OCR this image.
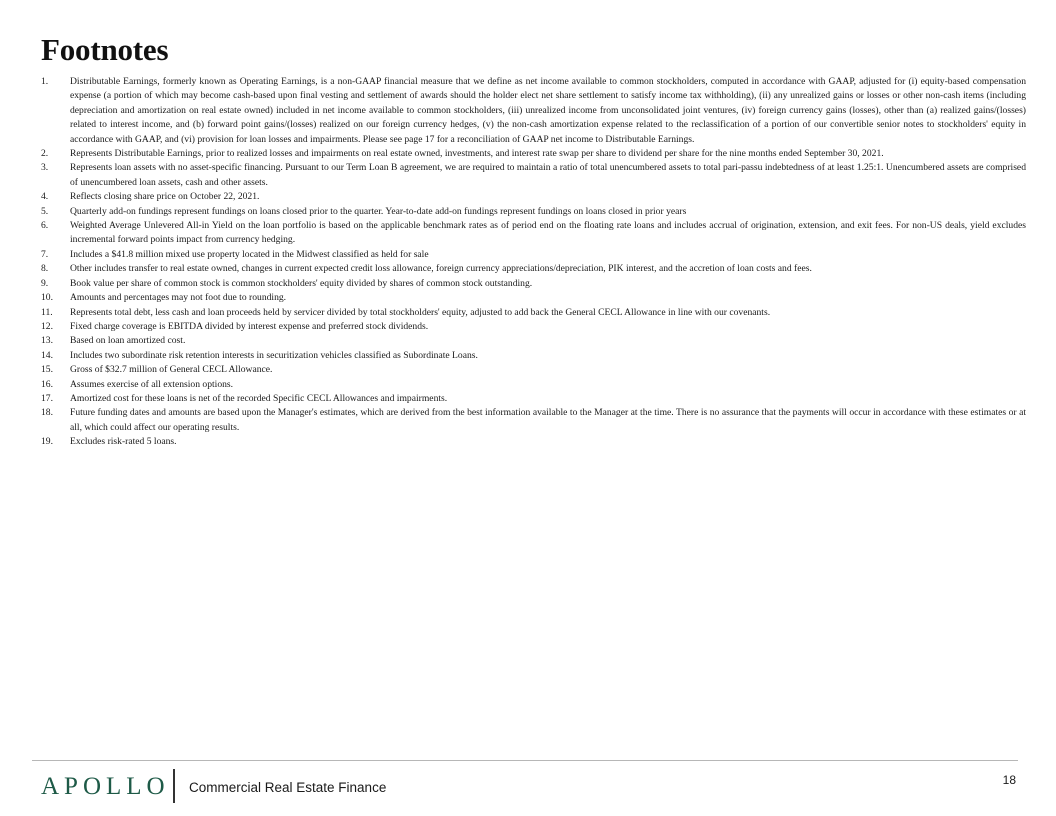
Footnotes
1.	Distributable Earnings, formerly known as Operating Earnings, is a non-GAAP financial measure that we define as net income available to common stockholders, computed in accordance with GAAP, adjusted for (i) equity-based compensation expense (a portion of which may become cash-based upon final vesting and settlement of awards should the holder elect net share settlement to satisfy income tax withholding), (ii) any unrealized gains or losses or other non-cash items (including depreciation and amortization on real estate owned) included in net income available to common stockholders, (iii) unrealized income from unconsolidated joint ventures, (iv) foreign currency gains (losses), other than (a) realized gains/(losses) related to interest income, and (b) forward point gains/(losses) realized on our foreign currency hedges, (v) the non-cash amortization expense related to the reclassification of a portion of our convertible senior notes to stockholders' equity in accordance with GAAP, and (vi) provision for loan losses and impairments. Please see page 17 for a reconciliation of GAAP net income to Distributable Earnings.
2.	Represents Distributable Earnings, prior to realized losses and impairments on real estate owned, investments, and interest rate swap per share to dividend per share for the nine months ended September 30, 2021.
3.	Represents loan assets with no asset-specific financing. Pursuant to our Term Loan B agreement, we are required to maintain a ratio of total unencumbered assets to total pari-passu indebtedness of at least 1.25:1. Unencumbered assets are comprised of unencumbered loan assets, cash and other assets.
4.	Reflects closing share price on October 22, 2021.
5.	Quarterly add-on fundings represent fundings on loans closed prior to the quarter. Year-to-date add-on fundings represent fundings on loans closed in prior years
6.	Weighted Average Unlevered All-in Yield on the loan portfolio is based on the applicable benchmark rates as of period end on the floating rate loans and includes accrual of origination, extension, and exit fees. For non-US deals, yield excludes incremental forward points impact from currency hedging.
7.	Includes a $41.8 million mixed use property located in the Midwest classified as held for sale
8.	Other includes transfer to real estate owned, changes in current expected credit loss allowance, foreign currency appreciations/depreciation, PIK interest, and the accretion of loan costs and fees.
9.	Book value per share of common stock is common stockholders' equity divided by shares of common stock outstanding.
10.	Amounts and percentages may not foot due to rounding.
11.	Represents total debt, less cash and loan proceeds held by servicer divided by total stockholders' equity, adjusted to add back the General CECL Allowance in line with our covenants.
12.	Fixed charge coverage is EBITDA divided by interest expense and preferred stock dividends.
13.	Based on loan amortized cost.
14.	Includes two subordinate risk retention interests in securitization vehicles classified as Subordinate Loans.
15.	Gross of $32.7 million of General CECL Allowance.
16.	Assumes exercise of all extension options.
17.	Amortized cost for these loans is net of the recorded Specific CECL Allowances and impairments.
18.	Future funding dates and amounts are based upon the Manager's estimates, which are derived from the best information available to the Manager at the time. There is no assurance that the payments will occur in accordance with these estimates or at all, which could affect our operating results.
19.	Excludes risk-rated 5 loans.
APOLLO Commercial Real Estate Finance	18
